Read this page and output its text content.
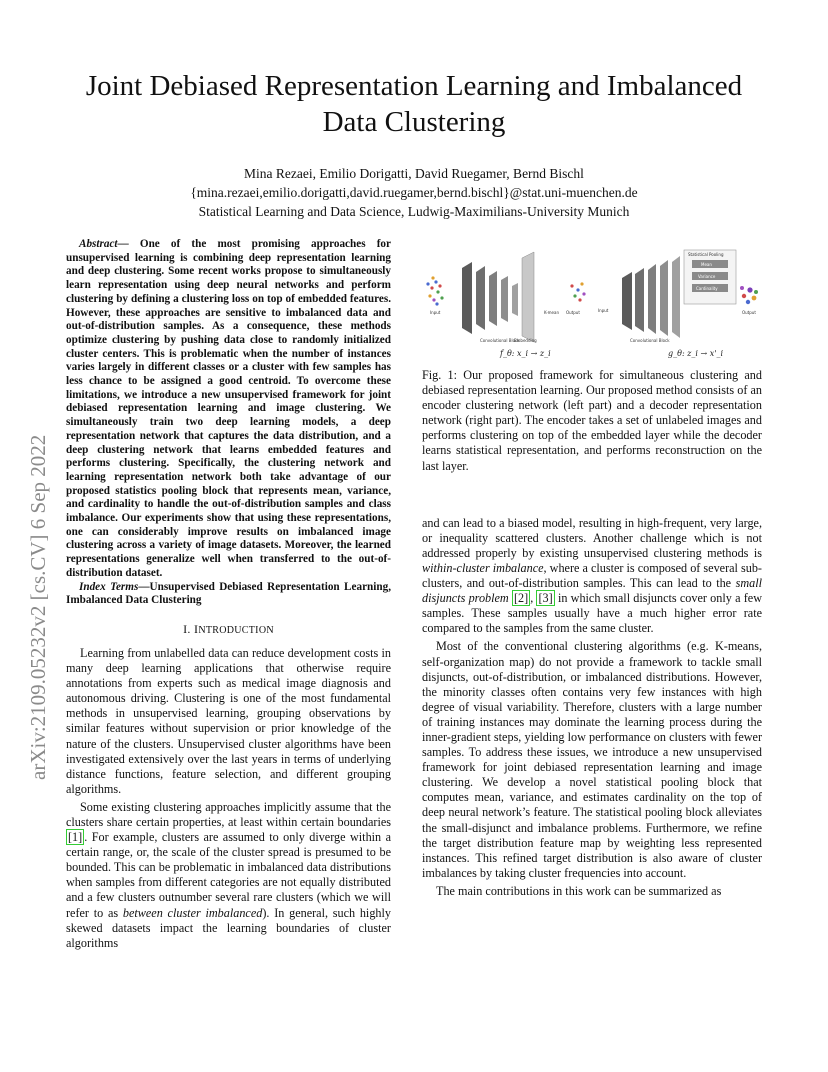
Joint Debiased Representation Learning and Imbalanced Data Clustering
Mina Rezaei, Emilio Dorigatti, David Ruegamer, Bernd Bischl
{mina.rezaei,emilio.dorigatti,david.ruegamer,bernd.bischl}@stat.uni-muenchen.de
Statistical Learning and Data Science, Ludwig-Maximilians-University Munich
arXiv:2109.05232v2 [cs.CV] 6 Sep 2022

Abstract— One of the most promising approaches for unsupervised learning is combining deep representation learning and deep clustering. Some recent works propose to simultaneously learn representation using deep neural networks and perform clustering by defining a clustering loss on top of embedded features. However, these approaches are sensitive to imbalanced data and out-of-distribution samples. As a consequence, these methods optimize clustering by pushing data close to randomly initialized cluster centers. This is problematic when the number of instances varies largely in different classes or a cluster with few samples has less chance to be assigned a good centroid. To overcome these limitations, we introduce a new unsupervised framework for joint debiased representation learning and image clustering. We simultaneously train two deep learning models, a deep representation network that captures the data distribution, and a deep clustering network that learns embedded features and performs clustering. Specifically, the clustering network and learning representation network both take advantage of our proposed statistics pooling block that represents mean, variance, and cardinality to handle the out-of-distribution samples and class imbalance. Our experiments show that using these representations, one can considerably improve results on imbalanced image clustering across a variety of image datasets. Moreover, the learned representations generalize well when transferred to the out-of-distribution dataset.

Index Terms—Unsupervised Debiased Representation Learning, Imbalanced Data Clustering

I. INTRODUCTION

Learning from unlabelled data can reduce development costs in many deep learning applications that otherwise require annotations from experts such as medical image diagnosis and autonomous driving. Clustering is one of the most fundamental methods in unsupervised learning, grouping observations by similar features without supervision or prior knowledge of the nature of the clusters. Unsupervised cluster algorithms have been investigated extensively over the last years in terms of underlying distance functions, feature selection, and different grouping algorithms.

Some existing clustering approaches implicitly assume that the clusters share certain properties, at least within certain boundaries [1] . For example, clusters are assumed to only diverge within a certain range, or, the scale of the cluster spread is presumed to be bounded. This can be problematic in imbalanced data distributions when samples from different categories are not equally distributed and a few clusters outnumber several rare clusters (which we will refer to as between cluster imbalanced). In general, such highly skewed datasets impact the learning boundaries of cluster algorithms

Input
Convolutional Block
Embedding
K-mean Output
f_θ: x_i → z_i
Input
Statistical Pooling
Mean
Variance
Cardinality
Output
Convolutional Block
g_θ: z_i → x'_i

Fig. 1: Our proposed framework for simultaneous clustering and debiased representation learning. Our proposed method consists of an encoder clustering network (left part) and a decoder representation network (right part). The encoder takes a set of unlabeled images and performs clustering on top of the embedded layer while the decoder learns statistical representation, and performs reconstruction on the last layer.

and can lead to a biased model, resulting in high-frequent, very large, or inequality scattered clusters. Another challenge which is not addressed properly by existing unsupervised clustering methods is within-cluster imbalance, where a cluster is composed of several sub-clusters, and out-of-distribution samples. This can lead to the small disjuncts problem [2] , [3] in which small disjuncts cover only a few samples. These samples usually have a much higher error rate compared to the samples from the same cluster.

Most of the conventional clustering algorithms (e.g. K-means, self-organization map) do not provide a framework to tackle small disjuncts, out-of-distribution, or imbalanced distributions. However, the minority classes often contains very few instances with high degree of visual variability. Therefore, clusters with a large number of training instances may dominate the learning process during the inner-gradient steps, yielding low performance on clusters with fewer samples. To address these issues, we introduce a new unsupervised framework for joint debiased representation learning and image clustering. We develop a novel statistical pooling block that computes mean, variance, and estimates cardinality on the top of deep neural network’s feature. The statistical pooling block alleviates the small-disjunct and imbalance problems. Furthermore, we refine the target distribution feature map by weighting less represented instances. This refined target distribution is also aware of cluster imbalances by taking cluster frequencies into account.

The main contributions in this work can be summarized as
